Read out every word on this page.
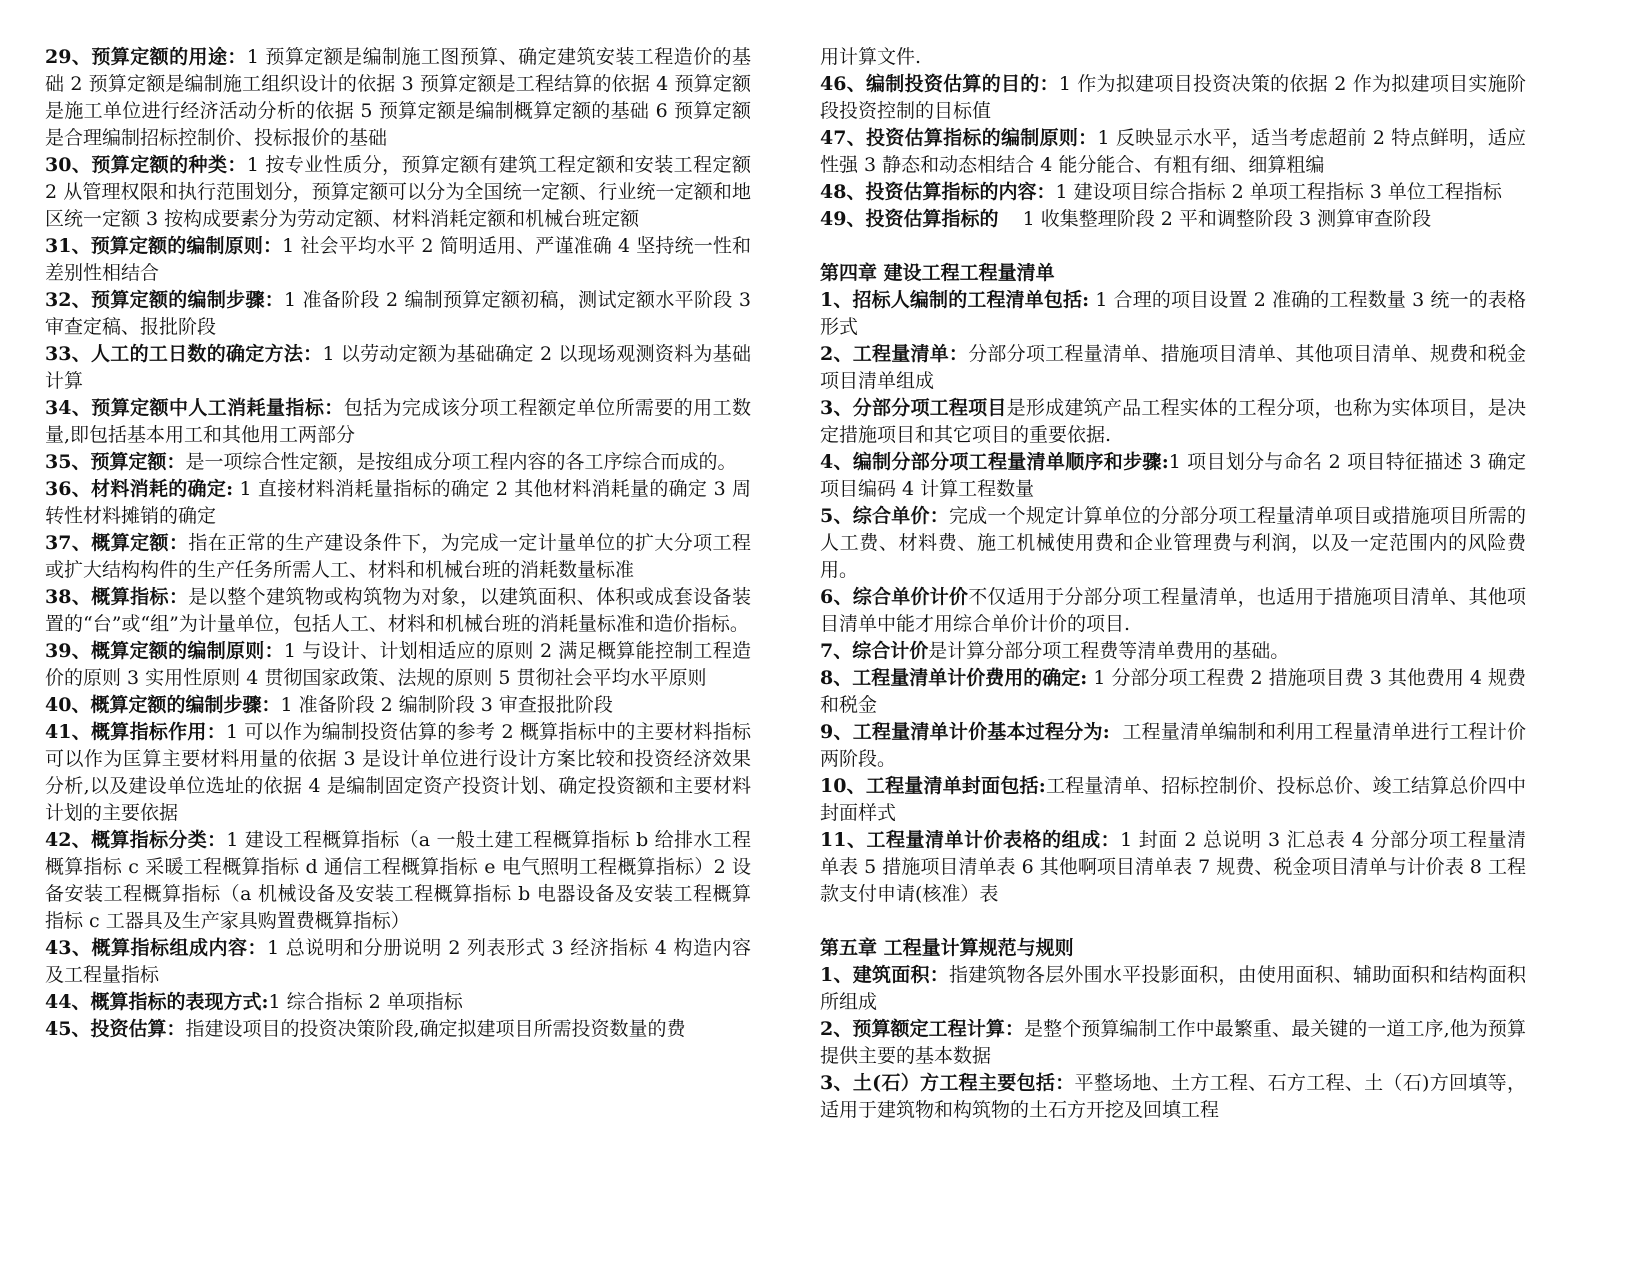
29、预算定额的用途：1 预算定额是编制施工图预算、确定建筑安装工程造价的基础 2 预算定额是编制施工组织设计的依据 3 预算定额是工程结算的依据 4 预算定额是施工单位进行经济活动分析的依据 5 预算定额是编制概算定额的基础 6 预算定额是合理编制招标控制价、投标报价的基础

30、预算定额的种类：1 按专业性质分，预算定额有建筑工程定额和安装工程定额 2 从管理权限和执行范围划分，预算定额可以分为全国统一定额、行业统一定额和地区统一定额 3 按构成要素分为劳动定额、材料消耗定额和机械台班定额

31、预算定额的编制原则：1 社会平均水平 2 简明适用、严谨准确 4 坚持统一性和差别性相结合

32、预算定额的编制步骤：1 准备阶段 2 编制预算定额初稿，测试定额水平阶段 3 审查定稿、报批阶段

33、人工的工日数的确定方法：1 以劳动定额为基础确定 2 以现场观测资料为基础计算

34、预算定额中人工消耗量指标：包括为完成该分项工程额定单位所需要的用工数量,即包括基本用工和其他用工两部分

35、预算定额：是一项综合性定额，是按组成分项工程内容的各工序综合而成的。

36、材料消耗的确定: 1 直接材料消耗量指标的确定 2 其他材料消耗量的确定 3 周转性材料摊销的确定

37、概算定额：指在正常的生产建设条件下，为完成一定计量单位的扩大分项工程或扩大结构构件的生产任务所需人工、材料和机械台班的消耗数量标准

38、概算指标：是以整个建筑物或构筑物为对象，以建筑面积、体积或成套设备装置的“台”或“组”为计量单位，包括人工、材料和机械台班的消耗量标准和造价指标。

39、概算定额的编制原则：1 与设计、计划相适应的原则 2 满足概算能控制工程造价的原则 3 实用性原则 4 贯彻国家政策、法规的原则 5 贯彻社会平均水平原则

40、概算定额的编制步骤：1 准备阶段 2 编制阶段 3 审查报批阶段

41、概算指标作用：1 可以作为编制投资估算的参考 2 概算指标中的主要材料指标可以作为匡算主要材料用量的依据 3 是设计单位进行设计方案比较和投资经济效果分析,以及建设单位选址的依据 4 是编制固定资产投资计划、确定投资额和主要材料计划的主要依据

42、概算指标分类：1 建设工程概算指标（a 一般土建工程概算指标 b 给排水工程概算指标 c 采暖工程概算指标 d 通信工程概算指标 e 电气照明工程概算指标）2 设备安装工程概算指标（a 机械设备及安装工程概算指标 b 电器设备及安装工程概算指标 c 工器具及生产家具购置费概算指标）

43、概算指标组成内容：1 总说明和分册说明 2 列表形式 3 经济指标 4 构造内容及工程量指标

44、概算指标的表现方式:1 综合指标 2 单项指标

45、投资估算：指建设项目的投资决策阶段,确定拟建项目所需投资数量的费

用计算文件.

46、编制投资估算的目的：1 作为拟建项目投资决策的依据 2 作为拟建项目实施阶段投资控制的目标值

47、投资估算指标的编制原则：1 反映显示水平，适当考虑超前 2 特点鲜明，适应性强 3 静态和动态相结合 4 能分能合、有粗有细、细算粗编

48、投资估算指标的内容：1 建设项目综合指标 2 单项工程指标 3 单位工程指标

49、投资估算指标的    1 收集整理阶段 2 平和调整阶段 3 测算审查阶段

第四章 建设工程工程量清单

1、招标人编制的工程清单包括: 1 合理的项目设置 2 准确的工程数量 3 统一的表格形式

2、工程量清单：分部分项工程量清单、措施项目清单、其他项目清单、规费和税金项目清单组成

3、分部分项工程项目是形成建筑产品工程实体的工程分项，也称为实体项目，是决定措施项目和其它项目的重要依据.

4、编制分部分项工程量清单顺序和步骤:1 项目划分与命名 2 项目特征描述 3 确定项目编码 4 计算工程数量

5、综合单价：完成一个规定计算单位的分部分项工程量清单项目或措施项目所需的人工费、材料费、施工机械使用费和企业管理费与利润，以及一定范围内的风险费用。

6、综合单价计价不仅适用于分部分项工程量清单，也适用于措施项目清单、其他项目清单中能才用综合单价计价的项目.

7、综合计价是计算分部分项工程费等清单费用的基础。

8、工程量清单计价费用的确定: 1 分部分项工程费 2 措施项目费 3 其他费用 4 规费和税金

9、工程量清单计价基本过程分为:  工程量清单编制和利用工程量清单进行工程计价两阶段。

10、工程量清单封面包括:工程量清单、招标控制价、投标总价、竣工结算总价四中封面样式

11、工程量清单计价表格的组成：1 封面 2 总说明 3 汇总表 4 分部分项工程量清单表 5 措施项目清单表 6 其他啊项目清单表 7 规费、税金项目清单与计价表 8 工程款支付申请(核准）表

第五章 工程量计算规范与规则

1、建筑面积：指建筑物各层外围水平投影面积，由使用面积、辅助面积和结构面积所组成

2、预算额定工程计算：是整个预算编制工作中最繁重、最关键的一道工序,他为预算提供主要的基本数据

3、土(石）方工程主要包括：平整场地、土方工程、石方工程、土（石)方回填等，适用于建筑物和构筑物的土石方开挖及回填工程
